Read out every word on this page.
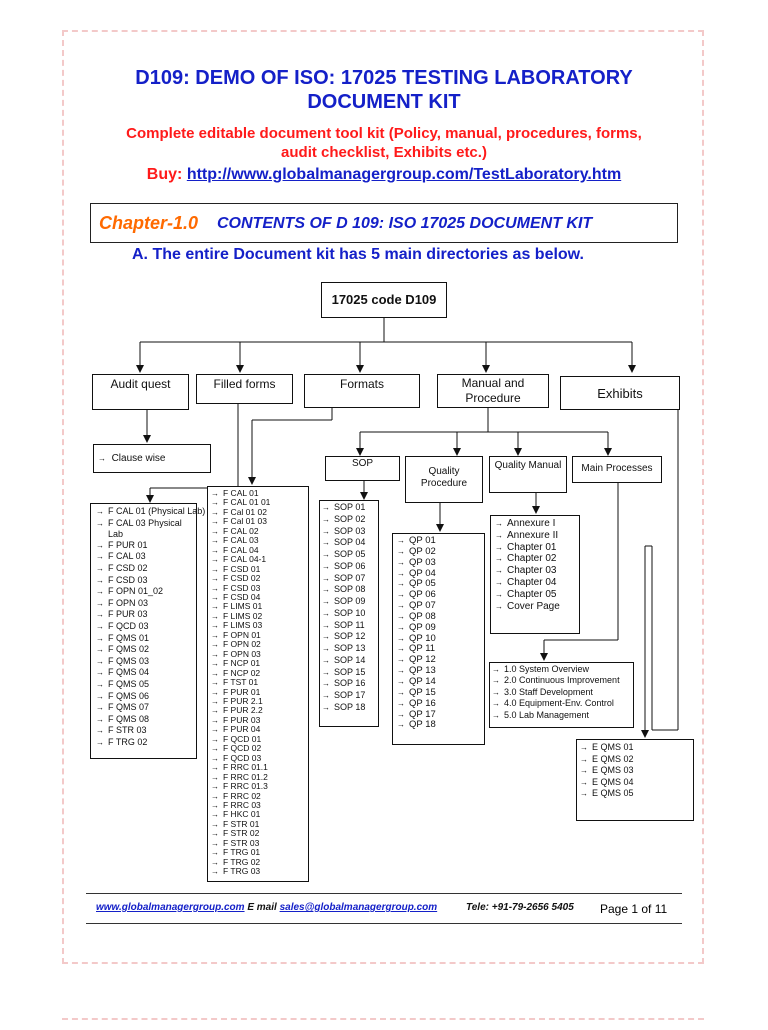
D109: DEMO OF ISO: 17025 TESTING LABORATORY
DOCUMENT KIT
Complete editable document tool kit (Policy, manual, procedures, forms,
audit checklist, Exhibits etc.)
Buy: http://www.globalmanagergroup.com/TestLaboratory.htm
Chapter-1.0 CONTENTS OF D 109: ISO 17025 DOCUMENT KIT
A. The entire Document kit has 5 main directories as below.
17025 code D109
Audit quest	Filled forms	Formats	Manual and
Procedure	Exhibits
→ Clause wise	SOP
Quality
Procedure
Quality Manual	Main Processes
→ F CAL 01 (Physical Lab)
→ F CAL 03 Physical
Lab
→ F PUR 01
→ F CAL 03
→ F CSD 02
→ F CSD 03
→ F OPN 01_02
→ F OPN 03
→ F PUR 03
→ F QCD 03
→ F QMS 01
→ F QMS 02
→ F QMS 03
→ F QMS 04
→ F QMS 05
→ F QMS 06
→ F QMS 07
→ F QMS 08
→ F STR 03
→ F TRG 02
→ F CAL 01
→ F CAL 01 01
→ F Cal 01 02
→ F Cal 01 03
→ F CAL 02
→ F CAL 03
→ F CAL 04
→ F CAL 04-1
→ F CSD 01
→ F CSD 02
→ F CSD 03
→ F CSD 04
→ F LIMS 01
→ F LIMS 02
→ F LIMS 03
→ F OPN 01
→ F OPN 02
→ F OPN 03
→ F NCP 01
→ F NCP 02
→ F TST 01
→ F PUR 01
→ F PUR 2.1
→ F PUR 2.2
→ F PUR 03
→ F PUR 04
→ F QCD 01
→ F QCD 02
→ F QCD 03
→ F RRC 01.1
→ F RRC 01.2
→ F RRC 01.3
→ F RRC 02
→ F RRC 03
→ F HKC 01
→ F STR 01
→ F STR 02
→ F STR 03
→ F TRG 01
→ F TRG 02
→ F TRG 03
→ SOP 01
→ SOP 02
→ SOP 03
→ SOP 04
→ SOP 05
→ SOP 06
→ SOP 07
→ SOP 08
→ SOP 09
→ SOP 10
→ SOP 11
→ SOP 12
→ SOP 13
→ SOP 14
→ SOP 15
→ SOP 16
→ SOP 17
→ SOP 18
→ QP 01
→ QP 02
→ QP 03
→ QP 04
→ QP 05
→ QP 06
→ QP 07
→ QP 08
→ QP 09
→ QP 10
→ QP 11
→ QP 12
→ QP 13
→ QP 14
→ QP 15
→ QP 16
→ QP 17
→ QP 18
→ Annexure I
→ Annexure II
→ Chapter 01
→ Chapter 02
→ Chapter 03
→ Chapter 04
→ Chapter 05
→ Cover Page
→ 1.0 System Overview
→ 2.0 Continuous Improvement
→ 3.0 Staff Development
→ 4.0 Equipment-Env. Control
→ 5.0 Lab Management
→ E QMS 01
→ E QMS 02
→ E QMS 03
→ E QMS 04
→ E QMS 05
www.globalmanagergroup.com E mail sales@globalmanagergroup.com	Tele: +91-79-2656 5405 Page 1 of 11
